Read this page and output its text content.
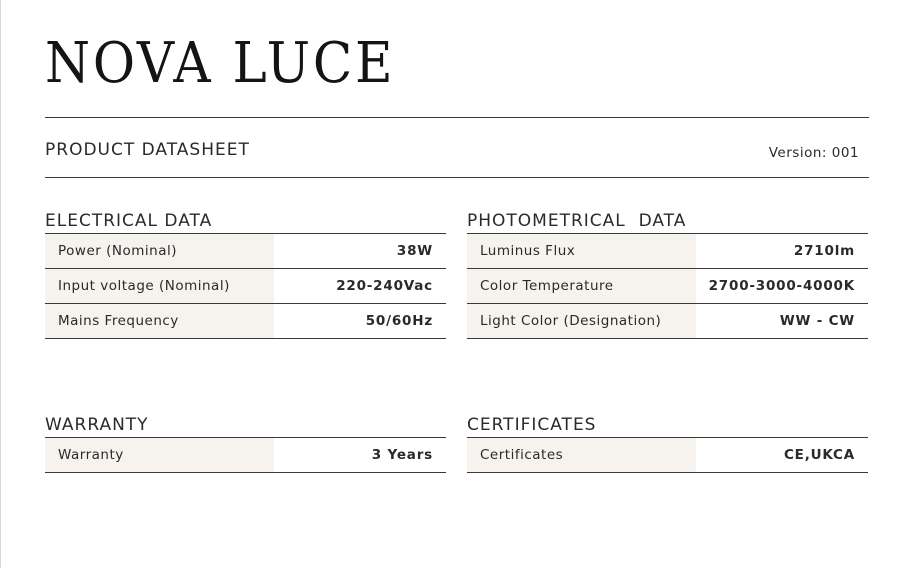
NOVA LUCE
PRODUCT DATASHEET	Version: 001
ELECTRICAL DATA
Power (Nominal)	38W
Input voltage (Nominal)	220-240Vac
Mains Frequency	50/60Hz
PHOTOMETRICAL  DATA
Luminus Flux	2710lm
Color Temperature	2700-3000-4000K
Light Color (Designation)	WW - CW
WARRANTY
Warranty	3 Years
CERTIFICATES
Certificates	CE,UKCA
